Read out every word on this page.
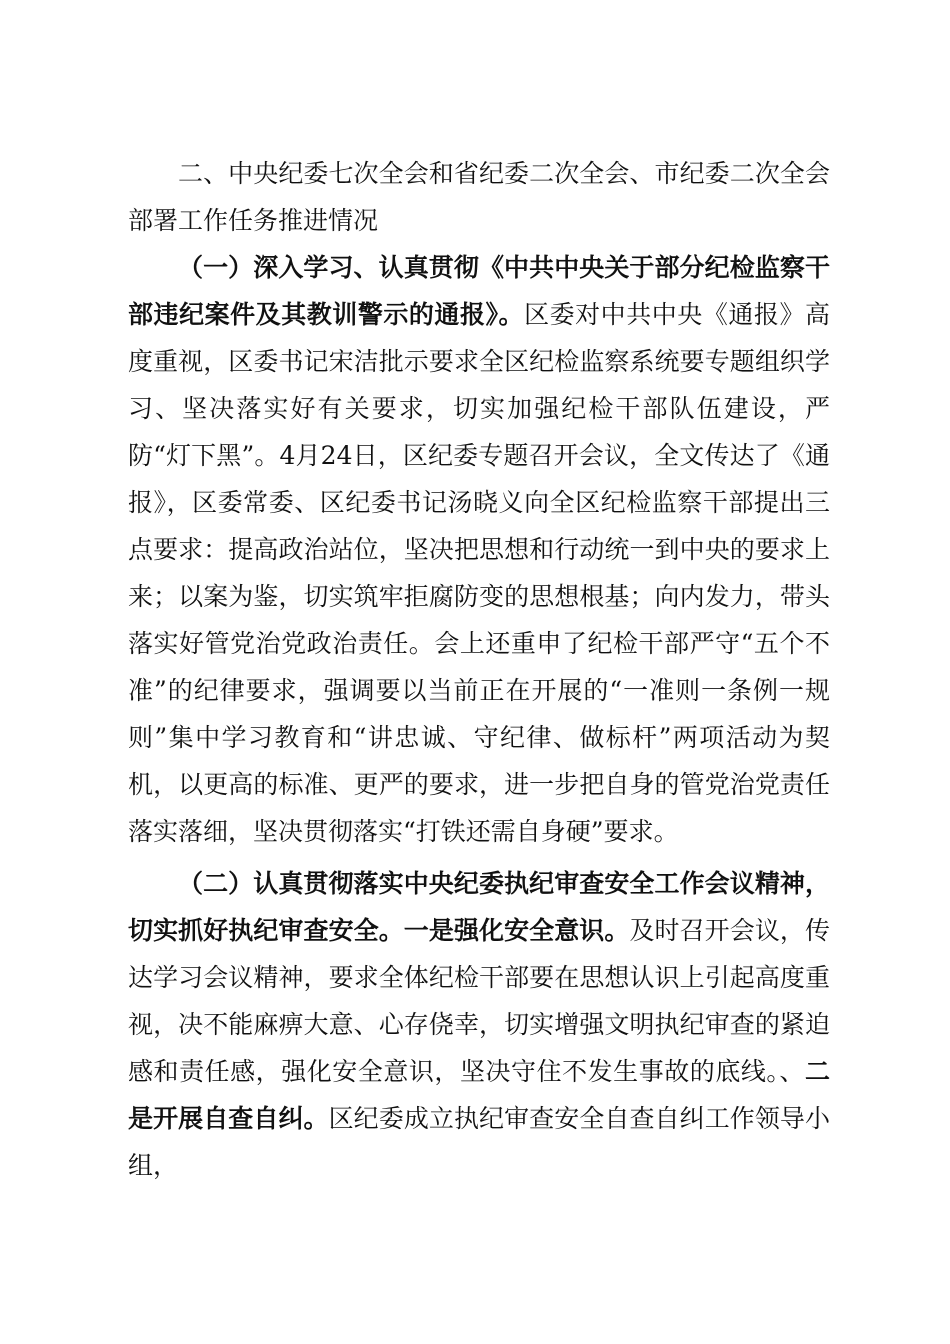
二、中央纪委七次全会和省纪委二次全会、市纪委二次全会部署工作任务推进情况

（一）深入学习、认真贯彻《中共中央关于部分纪检监察干部违纪案件及其教训警示的通报》。区委对中共中央《通报》高度重视，区委书记宋洁批示要求全区纪检监察系统要专题组织学习、坚决落实好有关要求，切实加强纪检干部队伍建设，严防“灯下黑”。4月24日，区纪委专题召开会议，全文传达了《通报》，区委常委、区纪委书记汤晓义向全区纪检监察干部提出三点要求：提高政治站位，坚决把思想和行动统一到中央的要求上来；以案为鉴，切实筑牢拒腐防变的思想根基；向内发力，带头落实好管党治党政治责任。会上还重申了纪检干部严守“五个不准”的纪律要求，强调要以当前正在开展的“一准则一条例一规则”集中学习教育和“讲忠诚、守纪律、做标杆”两项活动为契机，以更高的标准、更严的要求，进一步把自身的管党治党责任落实落细，坚决贯彻落实“打铁还需自身硬”要求。

（二）认真贯彻落实中央纪委执纪审查安全工作会议精神，切实抓好执纪审查安全。一是强化安全意识。及时召开会议，传达学习会议精神，要求全体纪检干部要在思想认识上引起高度重视，决不能麻痹大意、心存侥幸，切实增强文明执纪审查的紧迫感和责任感，强化安全意识，坚决守住不发生事故的底线。、二是开展自查自纠。区纪委成立执纪审查安全自查自纠工作领导小组，
